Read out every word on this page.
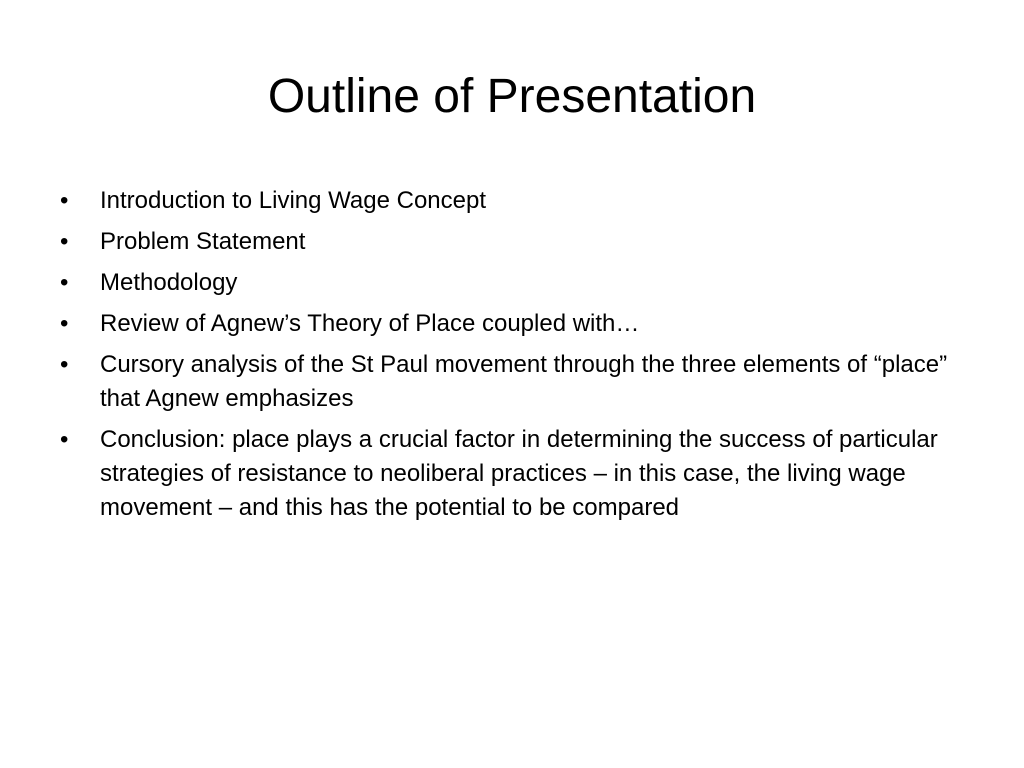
Outline of Presentation
•	Introduction to Living Wage Concept
•	Problem Statement
•	Methodology
•	Review of Agnew’s Theory of Place coupled with…
•	Cursory analysis of the St Paul movement through the three elements of “place” that Agnew emphasizes
•	Conclusion: place plays a crucial factor in determining the success of particular strategies of resistance to neoliberal practices – in this case, the living wage movement – and this has the potential to be compared
